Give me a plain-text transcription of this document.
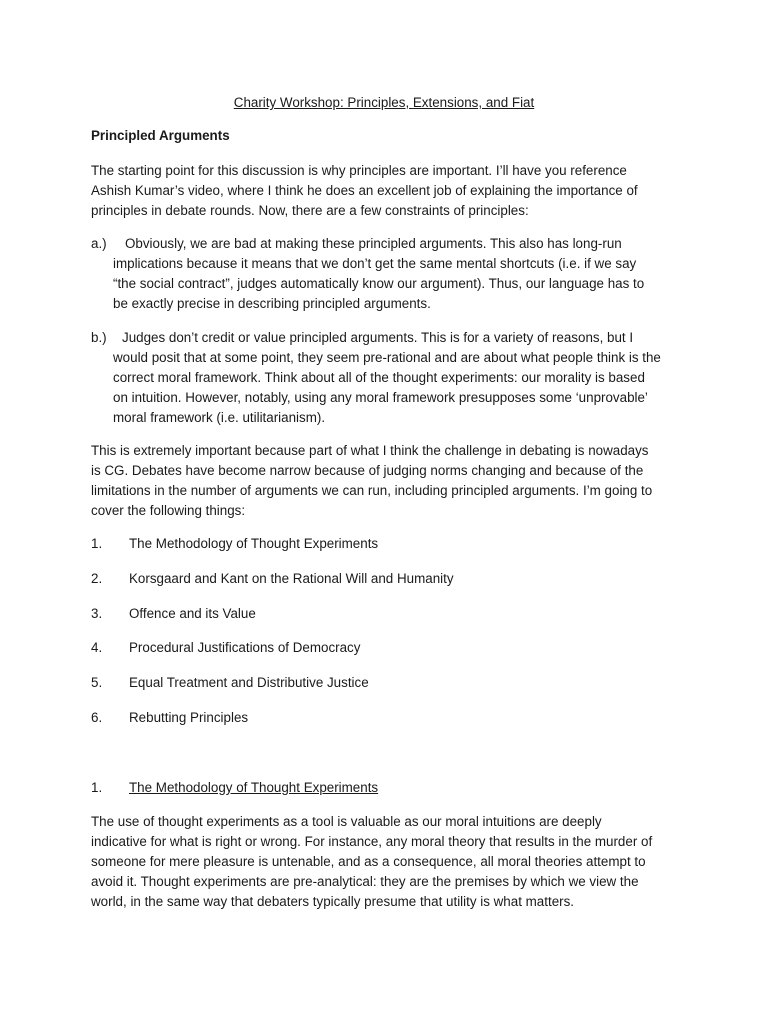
Charity Workshop: Principles, Extensions, and Fiat
Principled Arguments
The starting point for this discussion is why principles are important. I’ll have you reference
Ashish Kumar’s video, where I think he does an excellent job of explaining the importance of
principles in debate rounds. Now, there are a few constraints of principles:
a.)	Obviously, we are bad at making these principled arguments. This also has long-run
implications because it means that we don’t get the same mental shortcuts (i.e. if we say
“the social contract”, judges automatically know our argument). Thus, our language has to
be exactly precise in describing principled arguments.
b.)	Judges don’t credit or value principled arguments. This is for a variety of reasons, but I
would posit that at some point, they seem pre-rational and are about what people think is the
correct moral framework. Think about all of the thought experiments: our morality is based
on intuition. However, notably, using any moral framework presupposes some ‘unprovable’
moral framework (i.e. utilitarianism).
This is extremely important because part of what I think the challenge in debating is nowadays
is CG. Debates have become narrow because of judging norms changing and because of the
limitations in the number of arguments we can run, including principled arguments. I’m going to
cover the following things:
1. The Methodology of Thought Experiments
2. Korsgaard and Kant on the Rational Will and Humanity
3. Offence and its Value
4. Procedural Justifications of Democracy
5. Equal Treatment and Distributive Justice
6. Rebutting Principles
1. The Methodology of Thought Experiments
The use of thought experiments as a tool is valuable as our moral intuitions are deeply
indicative for what is right or wrong. For instance, any moral theory that results in the murder of
someone for mere pleasure is untenable, and as a consequence, all moral theories attempt to
avoid it. Thought experiments are pre-analytical: they are the premises by which we view the
world, in the same way that debaters typically presume that utility is what matters.
